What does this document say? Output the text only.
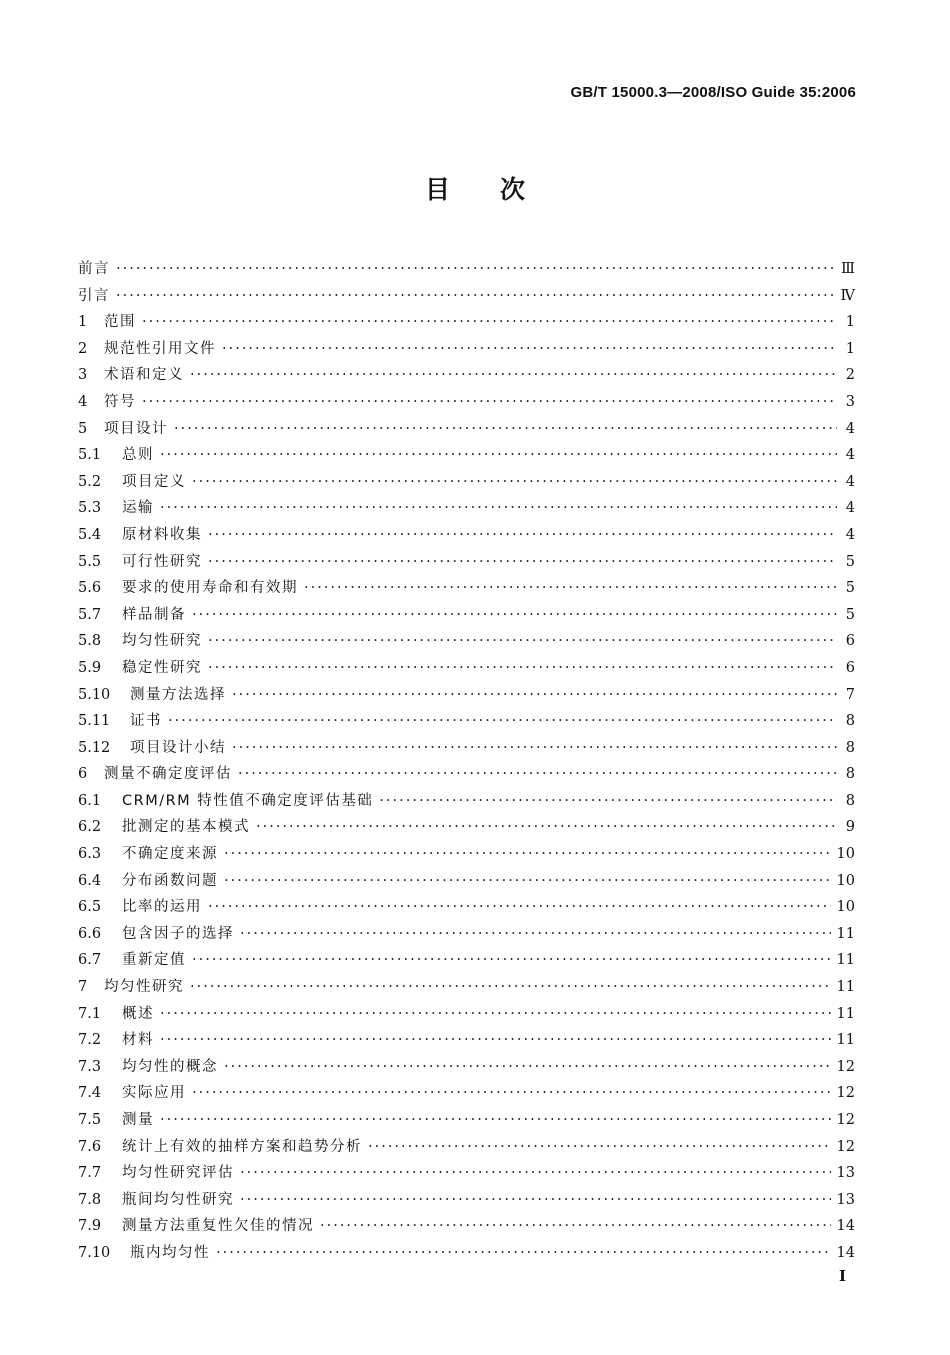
GB/T 15000.3—2008/ISO Guide 35:2006
目次
前言 ·····	Ⅲ
引言 ·····	Ⅳ
1	范围 ·····	1
2	规范性引用文件 ·····	1
3	术语和定义 ·····	2
4	符号 ·····	3
5	项目设计 ·····	4
5.1	总则 ·····	4
5.2	项目定义 ·····	4
5.3	运输 ·····	4
5.4	原材料收集 ·····	4
5.5	可行性研究 ·····	5
5.6	要求的使用寿命和有效期 ·····	5
5.7	样品制备 ·····	5
5.8	均匀性研究 ·····	6
5.9	稳定性研究 ·····	6
5.10	测量方法选择 ·····	7
5.11	证书 ·····	8
5.12	项目设计小结 ·····	8
6	测量不确定度评估 ·····	8
6.1	CRM/RM 特性值不确定度评估基础 ·····	8
6.2	批测定的基本模式 ·····	9
6.3	不确定度来源 ·····	10
6.4	分布函数问题 ·····	10
6.5	比率的运用 ·····	10
6.6	包含因子的选择 ·····	11
6.7	重新定值 ·····	11
7	均匀性研究 ·····	11
7.1	概述 ·····	11
7.2	材料 ·····	11
7.3	均匀性的概念 ·····	12
7.4	实际应用 ·····	12
7.5	测量 ·····	12
7.6	统计上有效的抽样方案和趋势分析 ·····	12
7.7	均匀性研究评估 ·····	13
7.8	瓶间均匀性研究 ·····	13
7.9	测量方法重复性欠佳的情况 ·····	14
7.10	瓶内均匀性 ·····	14
I
